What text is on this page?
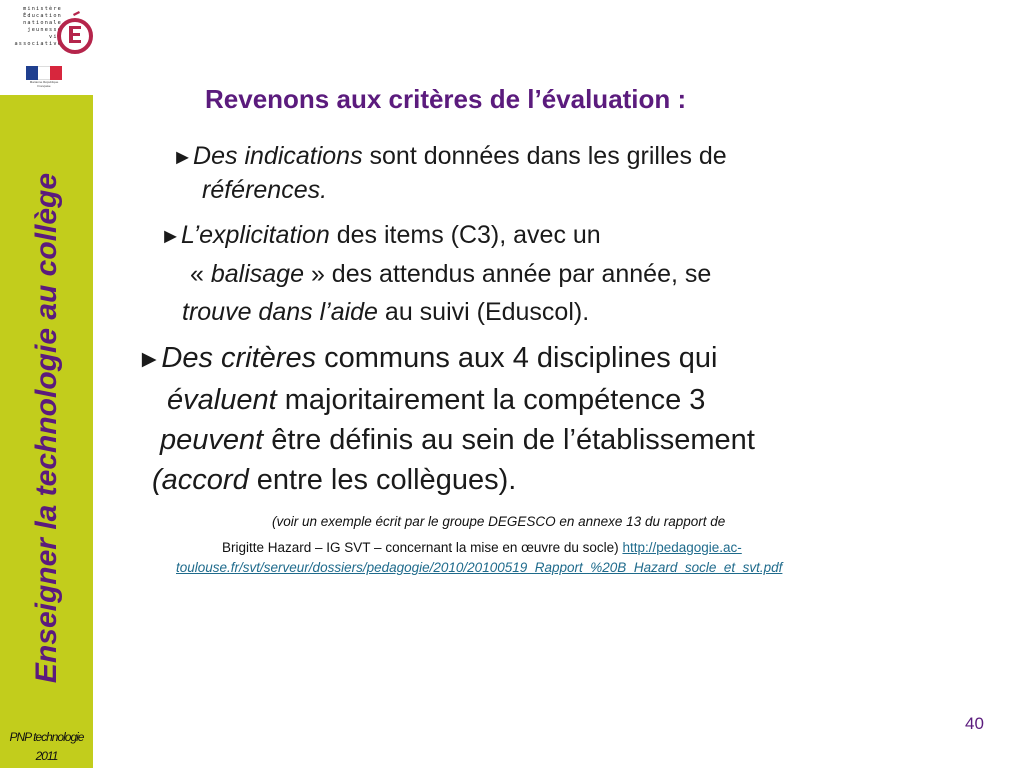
ministère
Éducation
nationale
jeunesse
vie associative
Marianne République Française
Enseigner la technologie au collège
PNP technologie
2011
Revenons aux critères de l’évaluation :
►Des indications sont données dans les grilles de
références.
►L’explicitation des items (C3), avec un
« balisage » des attendus année par année, se
trouve dans l’aide au suivi (Eduscol).
►Des critères communs aux 4 disciplines qui
évaluent majoritairement la compétence 3
peuvent être définis au sein de l’établissement
(accord entre les collègues).
(voir un exemple écrit par le groupe DEGESCO en annexe 13 du rapport de
Brigitte Hazard – IG SVT – concernant la mise en œuvre du socle) http://pedagogie.ac-
toulouse.fr/svt/serveur/dossiers/pedagogie/2010/20100519_Rapport_%20B_Hazard_socle_et_svt.pdf
40
